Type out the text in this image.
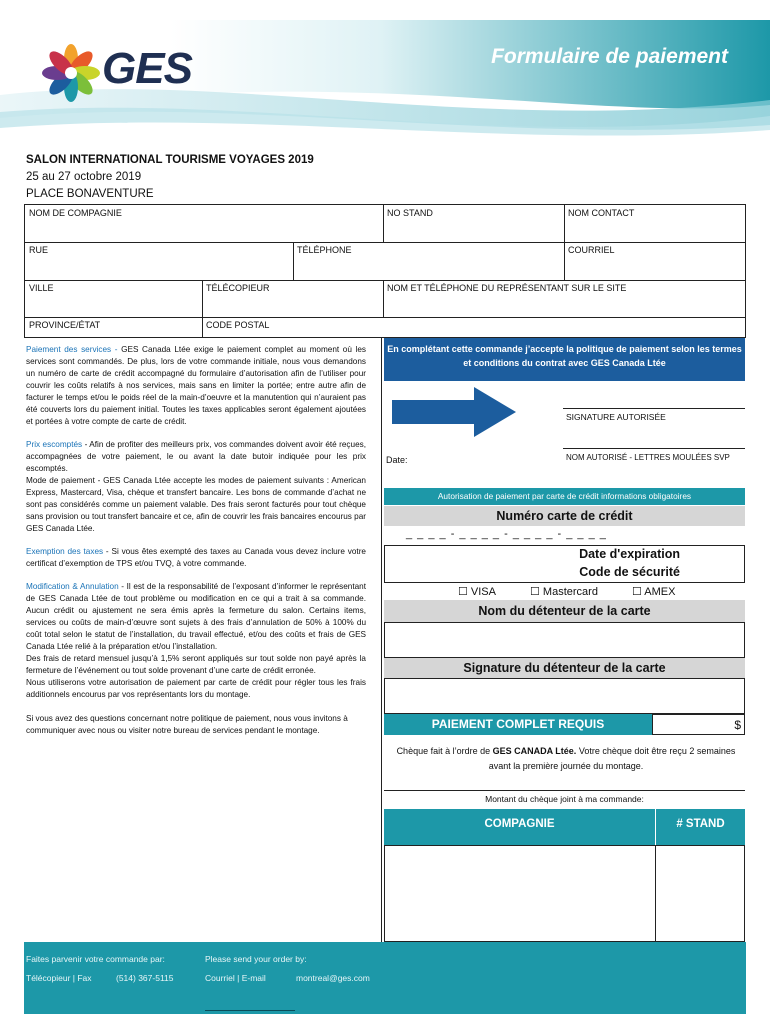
GES	Formulaire de paiement
SALON INTERNATIONAL TOURISME VOYAGES 2019
25 au 27 octobre 2019
PLACE BONAVENTURE
NOM DE COMPAGNIE	NO STAND	NOM CONTACT
RUE	TÉLÉPHONE	COURRIEL
VILLE	TÉLÉCOPIEUR	NOM ET TÉLÉPHONE DU REPRÉSENTANT SUR LE SITE
PROVINCE/ÉTAT	CODE POSTAL

Paiement des services - GES Canada Ltée exige le paiement complet au moment où les services sont commandés. De plus, lors de votre commande initiale, nous vous demandons un numéro de carte de crédit accompagné du formulaire d’autorisation afin de l’utiliser pour couvrir les coûts relatifs à nos services, mais sans en limiter la portée; entre autre afin de facturer le temps et/ou le poids réel de la main-d’oeuvre et la manutention qui n’auraient pas été couverts lors du paiement initial. Toutes les taxes applicables seront également ajoutées et portées à votre compte de carte de crédit.

Prix escomptés - Afin de profiter des meilleurs prix, vos commandes doivent avoir été reçues, accompagnées de votre paiement, le ou avant la date butoir indiquée pour les prix escomptés.

Mode de paiement - GES Canada Ltée accepte les modes de paiement suivants : American Express, Mastercard, Visa, chèque et transfert bancaire. Les bons de commande d’achat ne sont pas considérés comme un paiement valable. Des frais seront facturés pour tout chèque sans provision ou tout transfert bancaire et ce, afin de couvrir les frais bancaires encourus par GES Canada Ltée.

Exemption des taxes - Si vous êtes exempté des taxes au Canada vous devez inclure votre certificat d’exemption de TPS et/ou TVQ, à votre commande.

Modification & Annulation - Il est de la responsabilité de l’exposant d’informer le représentant de GES Canada Ltée de tout problème ou modification en ce qui a trait à sa commande. Aucun crédit ou ajustement ne sera émis après la fermeture du salon. Certains items, services ou coûts de main-d’œuvre sont sujets à des frais d’annulation de 50% à 100% du coût total selon le statut de l’installation, du travail effectué, et/ou des coûts et frais de GES Canada Ltée relié à la préparation et/ou l’installation.

Des frais de retard mensuel jusqu’à 1,5% seront appliqués sur tout solde non payé après la fermeture de l’événement ou tout solde provenant d’une carte de crédit erronée.

Nous utiliserons votre autorisation de paiement par carte de crédit pour régler tous les frais additionnels encourus par vos représentants lors du montage.

Si vous avez des questions concernant notre politique de paiement, nous vous invitons à communiquer avec nous ou visiter notre bureau de services pendant le montage.

En complétant cette commande j’accepte la politique de paiement selon les termes et conditions du contrat avec GES Canada Ltée
SIGNATURE AUTORISÉE
NOM AUTORISÉ - LETTRES MOULÉES SVP
Date:
Autorisation de paiement par carte de crédit informations obligatoires
Numéro carte de crédit
_ _ _ _ - _ _ _ _ - _ _ _ _ - _ _ _ _
Date d'expiration
Code de sécurité
☐ VISA	☐ Mastercard	☐ AMEX
Nom du détenteur de la carte
Signature du détenteur de la carte
PAIEMENT COMPLET REQUIS	$
Chèque fait à l’ordre de GES CANADA Ltée. Votre chèque doit être reçu 2 semaines avant la première journée du montage.
Montant du chèque joint à ma commande:
COMPAGNIE	# STAND
Faites parvenir votre commande par:	Please send your order by:
Télécopieur | Fax	(514) 367-5115	Courriel | E-mail	montreal@ges.com
